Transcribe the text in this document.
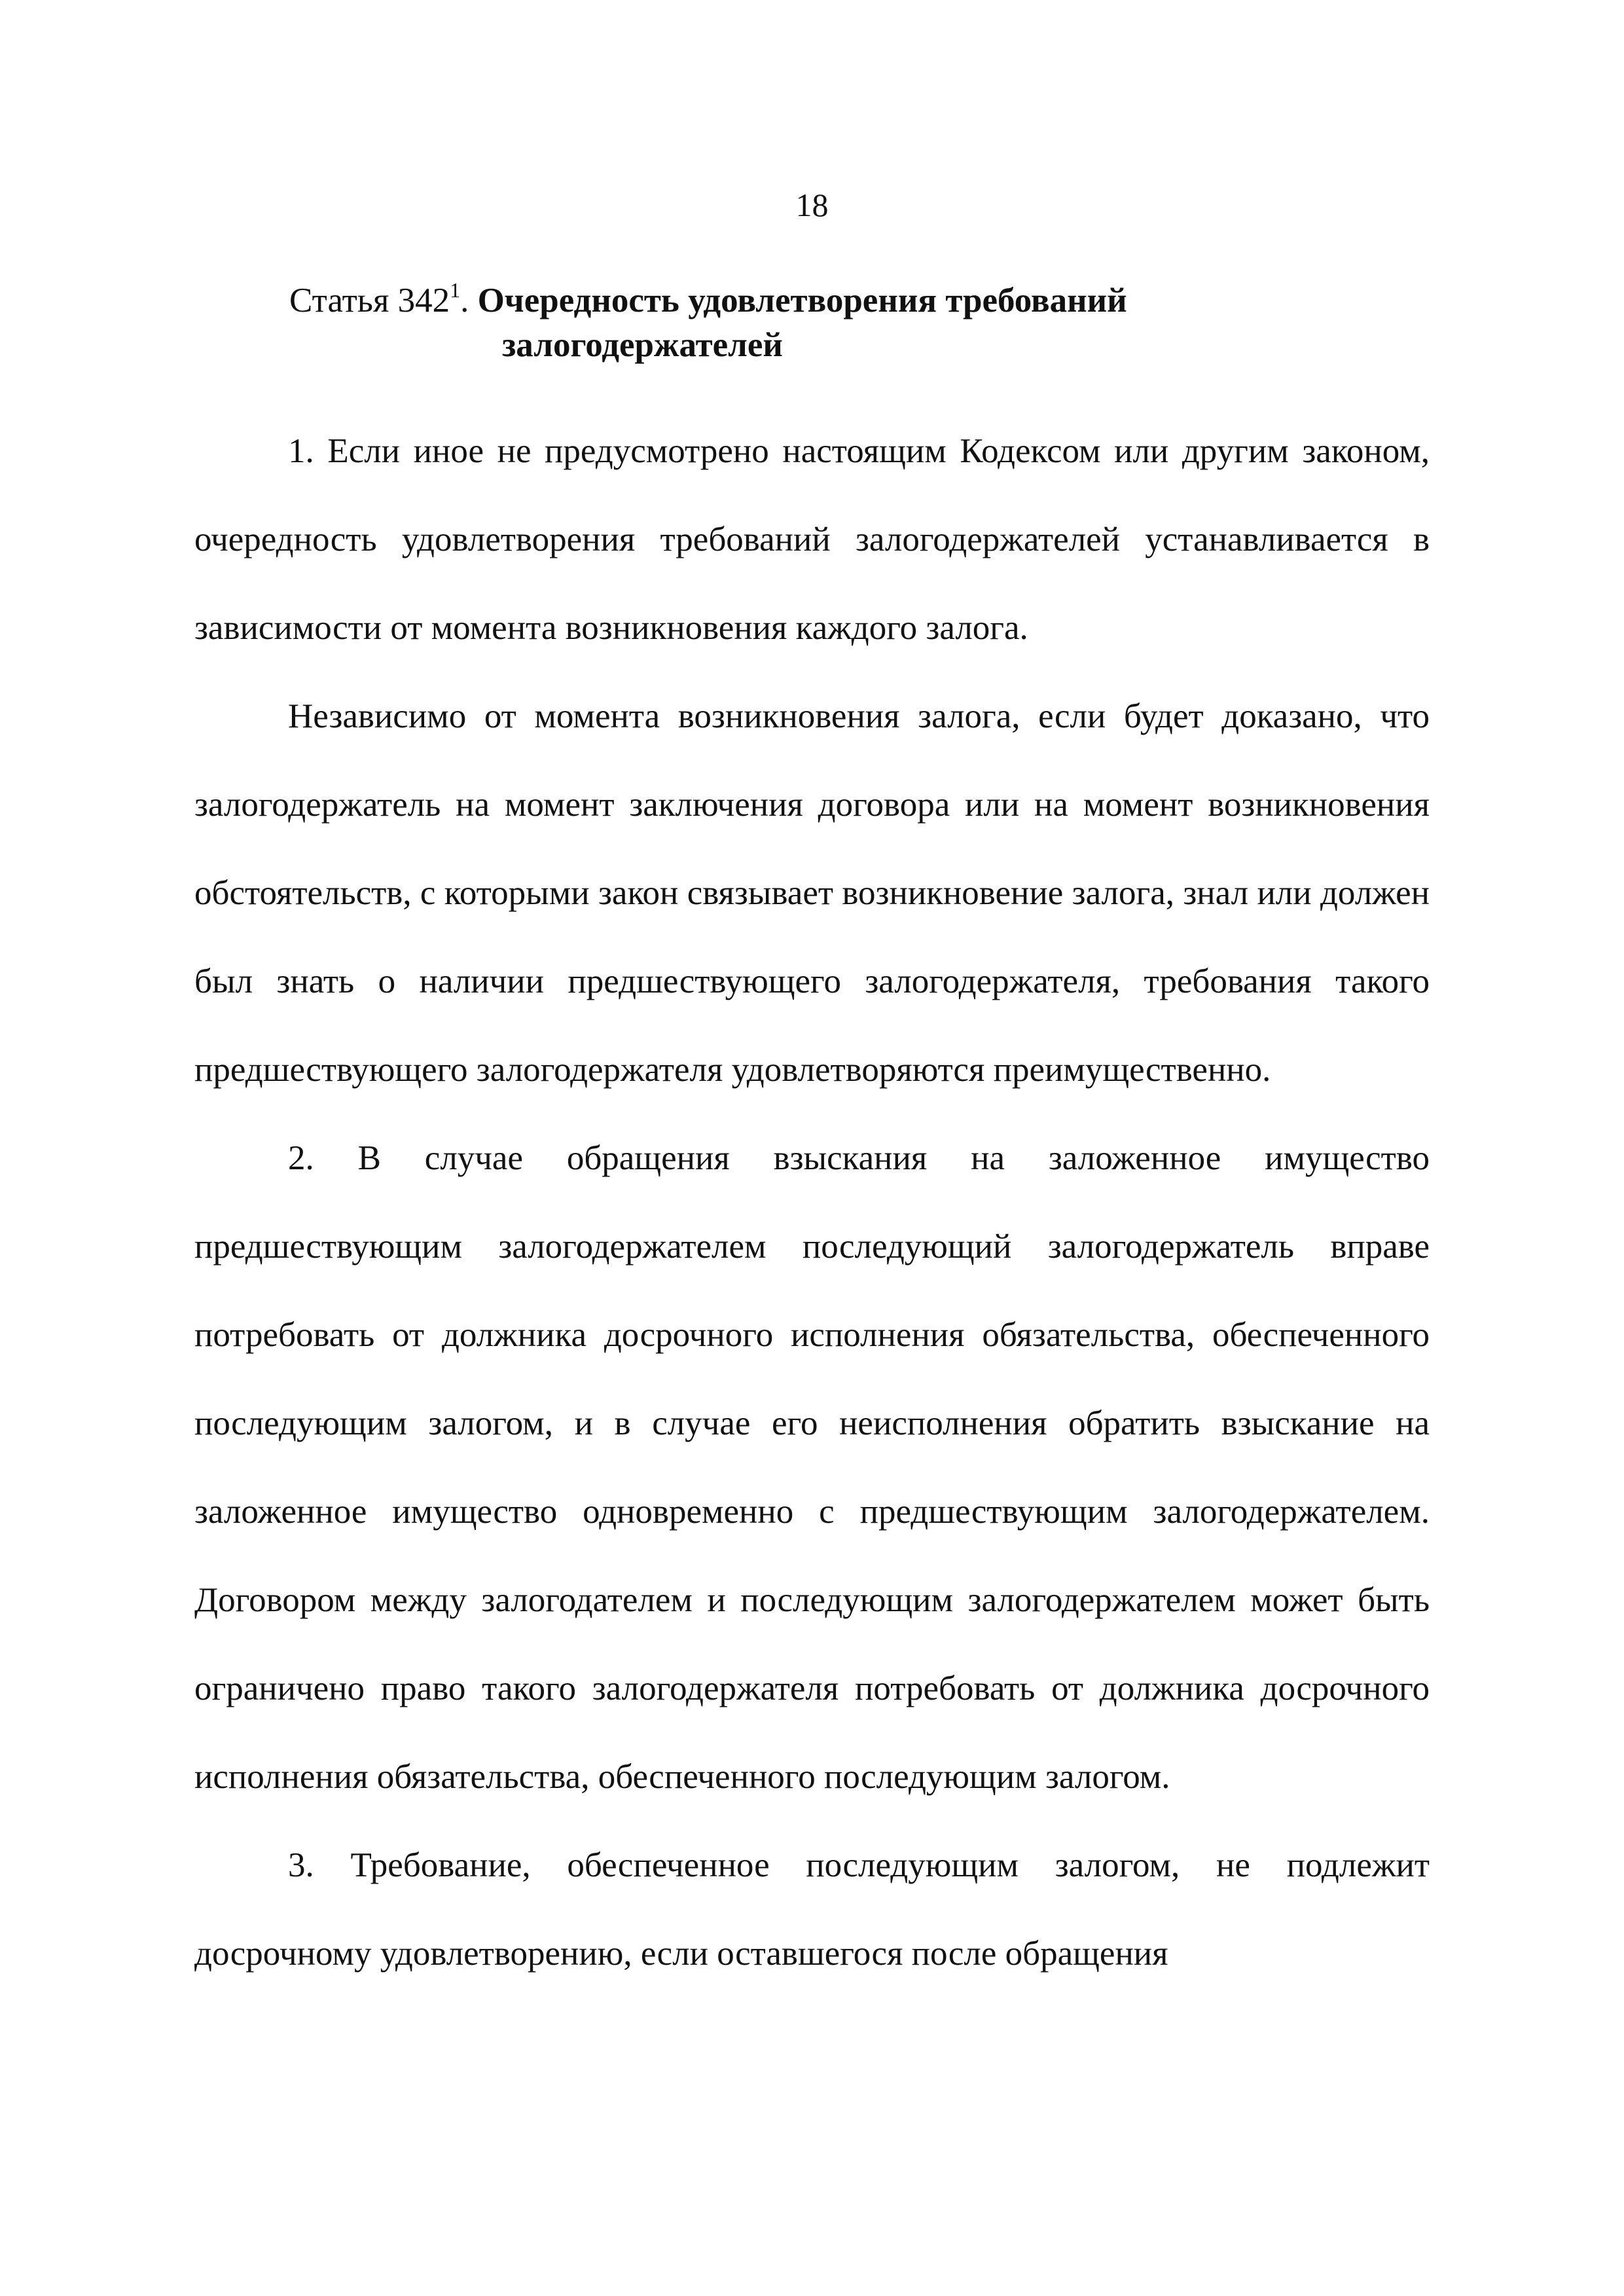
18
Статья $342^1$. Очередность удовлетворения требований
залогодержателей

1. Если иное не предусмотрено настоящим Кодексом или другим законом, очередность удовлетворения требований залогодержателей устанавливается в зависимости от момента возникновения каждого залога.

Независимо от момента возникновения залога, если будет доказано, что залогодержатель на момент заключения договора или на момент возникновения обстоятельств, с которыми закон связывает возникновение залога, знал или должен был знать о наличии предшествующего залогодержателя, требования такого предшествующего залогодержателя удовлетворяются преимущественно.

2. В случае обращения взыскания на заложенное имущество предшествующим залогодержателем последующий залогодержатель вправе потребовать от должника досрочного исполнения обязательства, обеспеченного последующим залогом, и в случае его неисполнения обратить взыскание на заложенное имущество одновременно с предшествующим залогодержателем. Договором между залогодателем и последующим залогодержателем может быть ограничено право такого залогодержателя потребовать от должника досрочного исполнения обязательства, обеспеченного последующим залогом.

3. Требование, обеспеченное последующим залогом, не подлежит досрочному удовлетворению, если оставшегося после обращения
